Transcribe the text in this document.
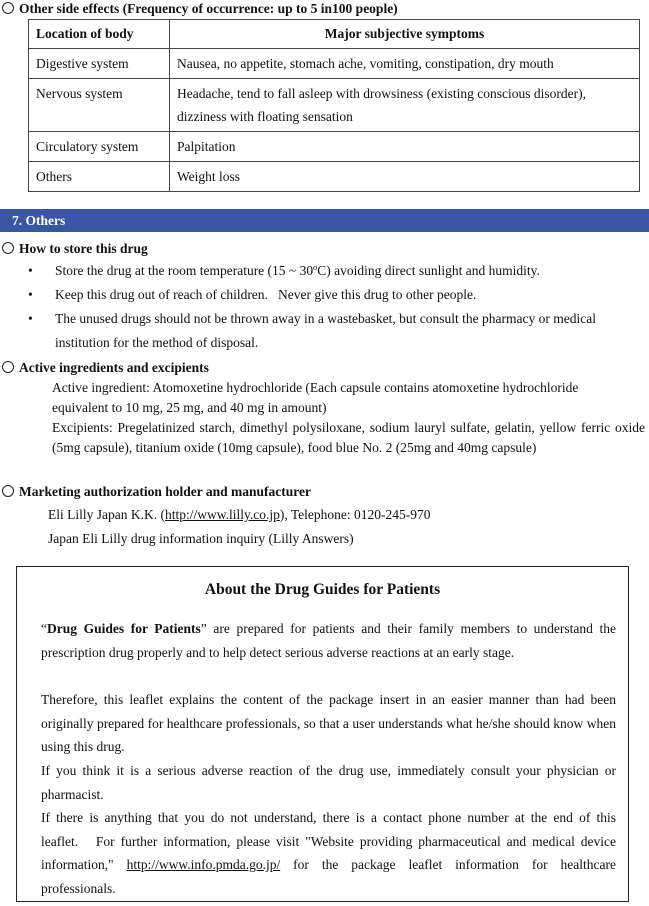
Other side effects (Frequency of occurrence: up to 5 in100 people)
Location of body	Major subjective symptoms
Digestive system	Nausea, no appetite, stomach ache, vomiting, constipation, dry mouth
Nervous system	Headache, tend to fall asleep with drowsiness (existing conscious disorder), dizziness with floating sensation
Circulatory system	Palpitation
Others	Weight loss
7. Others
How to store this drug
• Store the drug at the room temperature (15 ~ 30ºC) avoiding direct sunlight and humidity.
• Keep this drug out of reach of children.   Never give this drug to other people.
• The unused drugs should not be thrown away in a wastebasket, but consult the pharmacy or medical institution for the method of disposal.
Active ingredients and excipients
Active ingredient: Atomoxetine hydrochloride (Each capsule contains atomoxetine hydrochloride equivalent to 10 mg, 25 mg, and 40 mg in amount)
Excipients: Pregelatinized starch, dimethyl polysiloxane, sodium lauryl sulfate, gelatin, yellow ferric oxide (5mg capsule), titanium oxide (10mg capsule), food blue No. 2 (25mg and 40mg capsule)
Marketing authorization holder and manufacturer
Eli Lilly Japan K.K. (http://www.lilly.co.jp), Telephone: 0120-245-970
Japan Eli Lilly drug information inquiry (Lilly Answers)
About the Drug Guides for Patients
“Drug Guides for Patients” are prepared for patients and their family members to understand the prescription drug properly and to help detect serious adverse reactions at an early stage.
Therefore, this leaflet explains the content of the package insert in an easier manner than had been originally prepared for healthcare professionals, so that a user understands what he/she should know when using this drug.
If you think it is a serious adverse reaction of the drug use, immediately consult your physician or pharmacist.
If there is anything that you do not understand, there is a contact phone number at the end of this leaflet.   For further information, please visit "Website providing pharmaceutical and medical device information," http://www.info.pmda.go.jp/ for the package leaflet information for healthcare professionals.
